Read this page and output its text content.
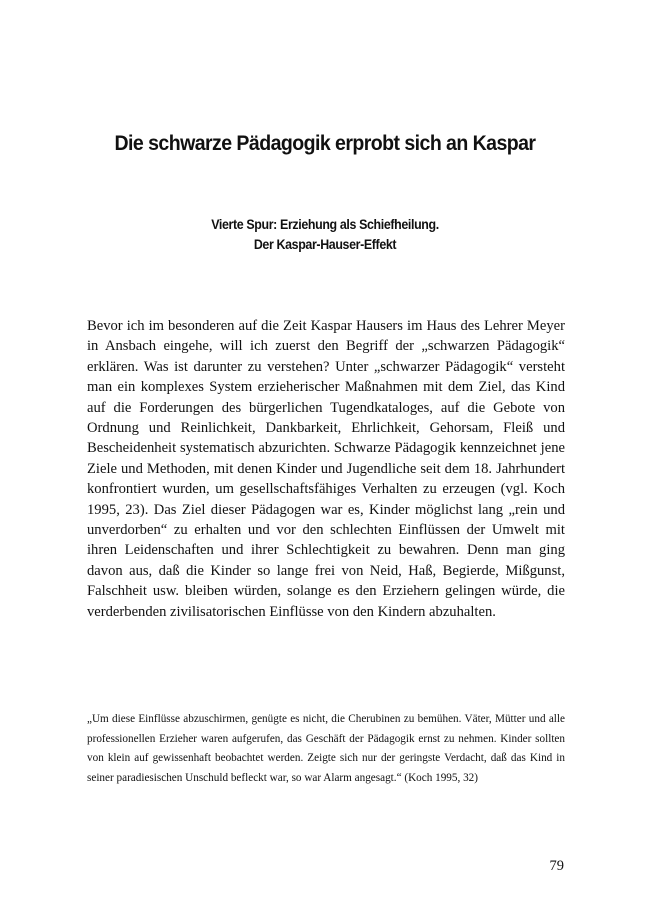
Die schwarze Pädagogik erprobt sich an Kaspar
Vierte Spur: Erziehung als Schiefheilung.
Der Kaspar-Hauser-Effekt

Bevor ich im besonderen auf die Zeit Kaspar Hausers im Haus des Lehrer Meyer in Ansbach eingehe, will ich zuerst den Begriff der „schwarzen Pädagogik“ erklären. Was ist darunter zu verstehen? Unter „schwarzer Pädagogik“ versteht man ein komplexes System erzieherischer Maßnahmen mit dem Ziel, das Kind auf die Forderungen des bürgerlichen Tugendkataloges, auf die Gebote von Ordnung und Reinlichkeit, Dankbarkeit, Ehrlichkeit, Gehorsam, Fleiß und Bescheidenheit systematisch abzurichten. Schwarze Pädagogik kennzeichnet jene Ziele und Methoden, mit denen Kinder und Jugendliche seit dem 18. Jahrhundert konfrontiert wurden, um gesellschaftsfähiges Verhalten zu erzeugen (vgl. Koch 1995, 23). Das Ziel dieser Pädagogen war es, Kinder möglichst lang „rein und unverdorben“ zu erhalten und vor den schlechten Einflüssen der Umwelt mit ihren Leidenschaften und ihrer Schlechtigkeit zu bewahren. Denn man ging davon aus, daß die Kinder so lange frei von Neid, Haß, Begierde, Mißgunst, Falschheit usw. bleiben würden, solange es den Erziehern gelingen würde, die verderbenden zivilisatorischen Einflüsse von den Kindern abzuhalten.

„Um diese Einflüsse abzuschirmen, genügte es nicht, die Cherubinen zu bemühen. Väter, Mütter und alle professionellen Erzieher waren aufgerufen, das Geschäft der Pädagogik ernst zu nehmen. Kinder sollten von klein auf gewissenhaft beobachtet werden. Zeigte sich nur der geringste Verdacht, daß das Kind in seiner paradiesischen Unschuld befleckt war, so war Alarm angesagt.“ (Koch 1995, 32)

79
